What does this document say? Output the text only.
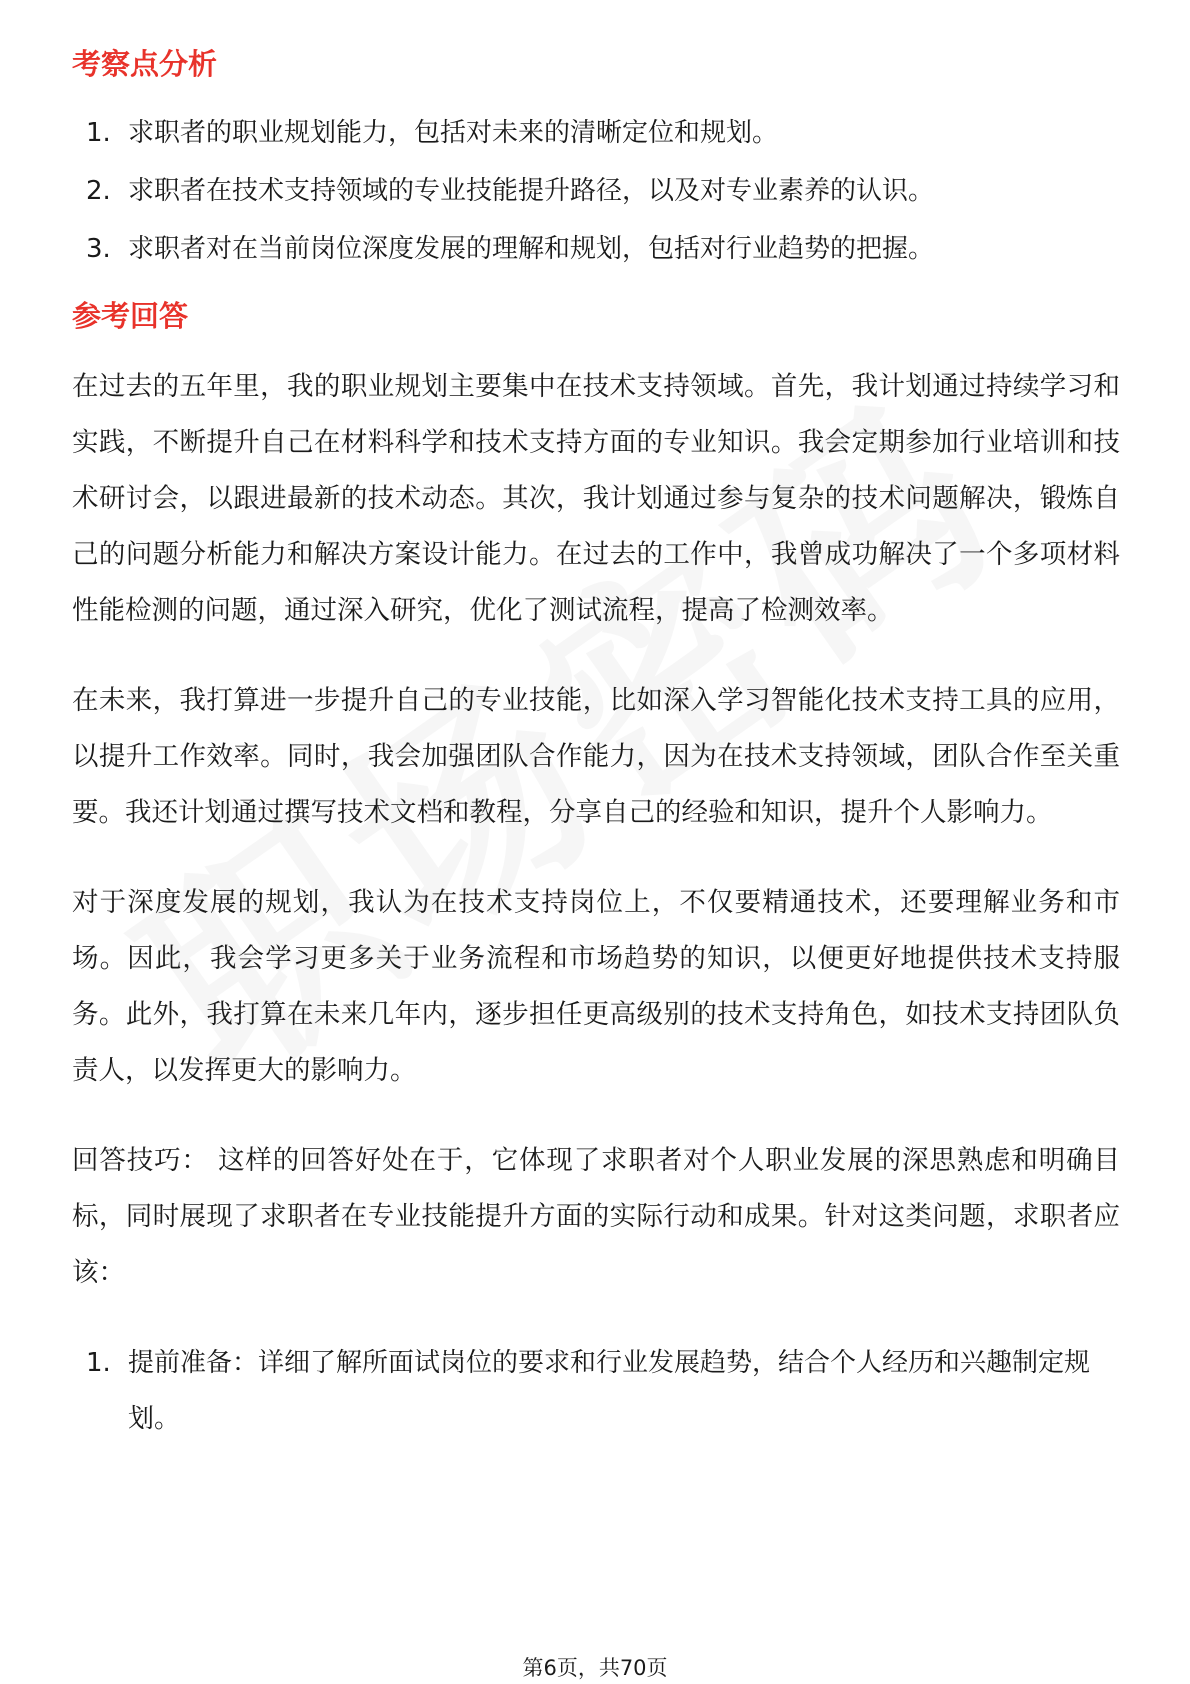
考察点分析
1. 求职者的职业规划能力，包括对未来的清晰定位和规划。
2. 求职者在技术支持领域的专业技能提升路径，以及对专业素养的认识。
3. 求职者对在当前岗位深度发展的理解和规划，包括对行业趋势的把握。
参考回答

在过去的五年里，我的职业规划主要集中在技术支持领域。首先，我计划通过持续学习和实践，不断提升自己在材料科学和技术支持方面的专业知识。我会定期参加行业培训和技术研讨会，以跟进最新的技术动态。其次，我计划通过参与复杂的技术问题解决，锻炼自己的问题分析能力和解决方案设计能力。在过去的工作中，我曾成功解决了一个多项材料性能检测的问题，通过深入研究，优化了测试流程，提高了检测效率。

在未来，我打算进一步提升自己的专业技能，比如深入学习智能化技术支持工具的应用，以提升工作效率。同时，我会加强团队合作能力，因为在技术支持领域，团队合作至关重要。我还计划通过撰写技术文档和教程，分享自己的经验和知识，提升个人影响力。

对于深度发展的规划，我认为在技术支持岗位上，不仅要精通技术，还要理解业务和市场。因此，我会学习更多关于业务流程和市场趋势的知识，以便更好地提供技术支持服务。此外，我打算在未来几年内，逐步担任更高级别的技术支持角色，如技术支持团队负责人，以发挥更大的影响力。

回答技巧： 这样的回答好处在于，它体现了求职者对个人职业发展的深思熟虑和明确目标，同时展现了求职者在专业技能提升方面的实际行动和成果。针对这类问题，求职者应该：

1. 提前准备：详细了解所面试岗位的要求和行业发展趋势，结合个人经历和兴趣制定规划。
第6页，共70页
